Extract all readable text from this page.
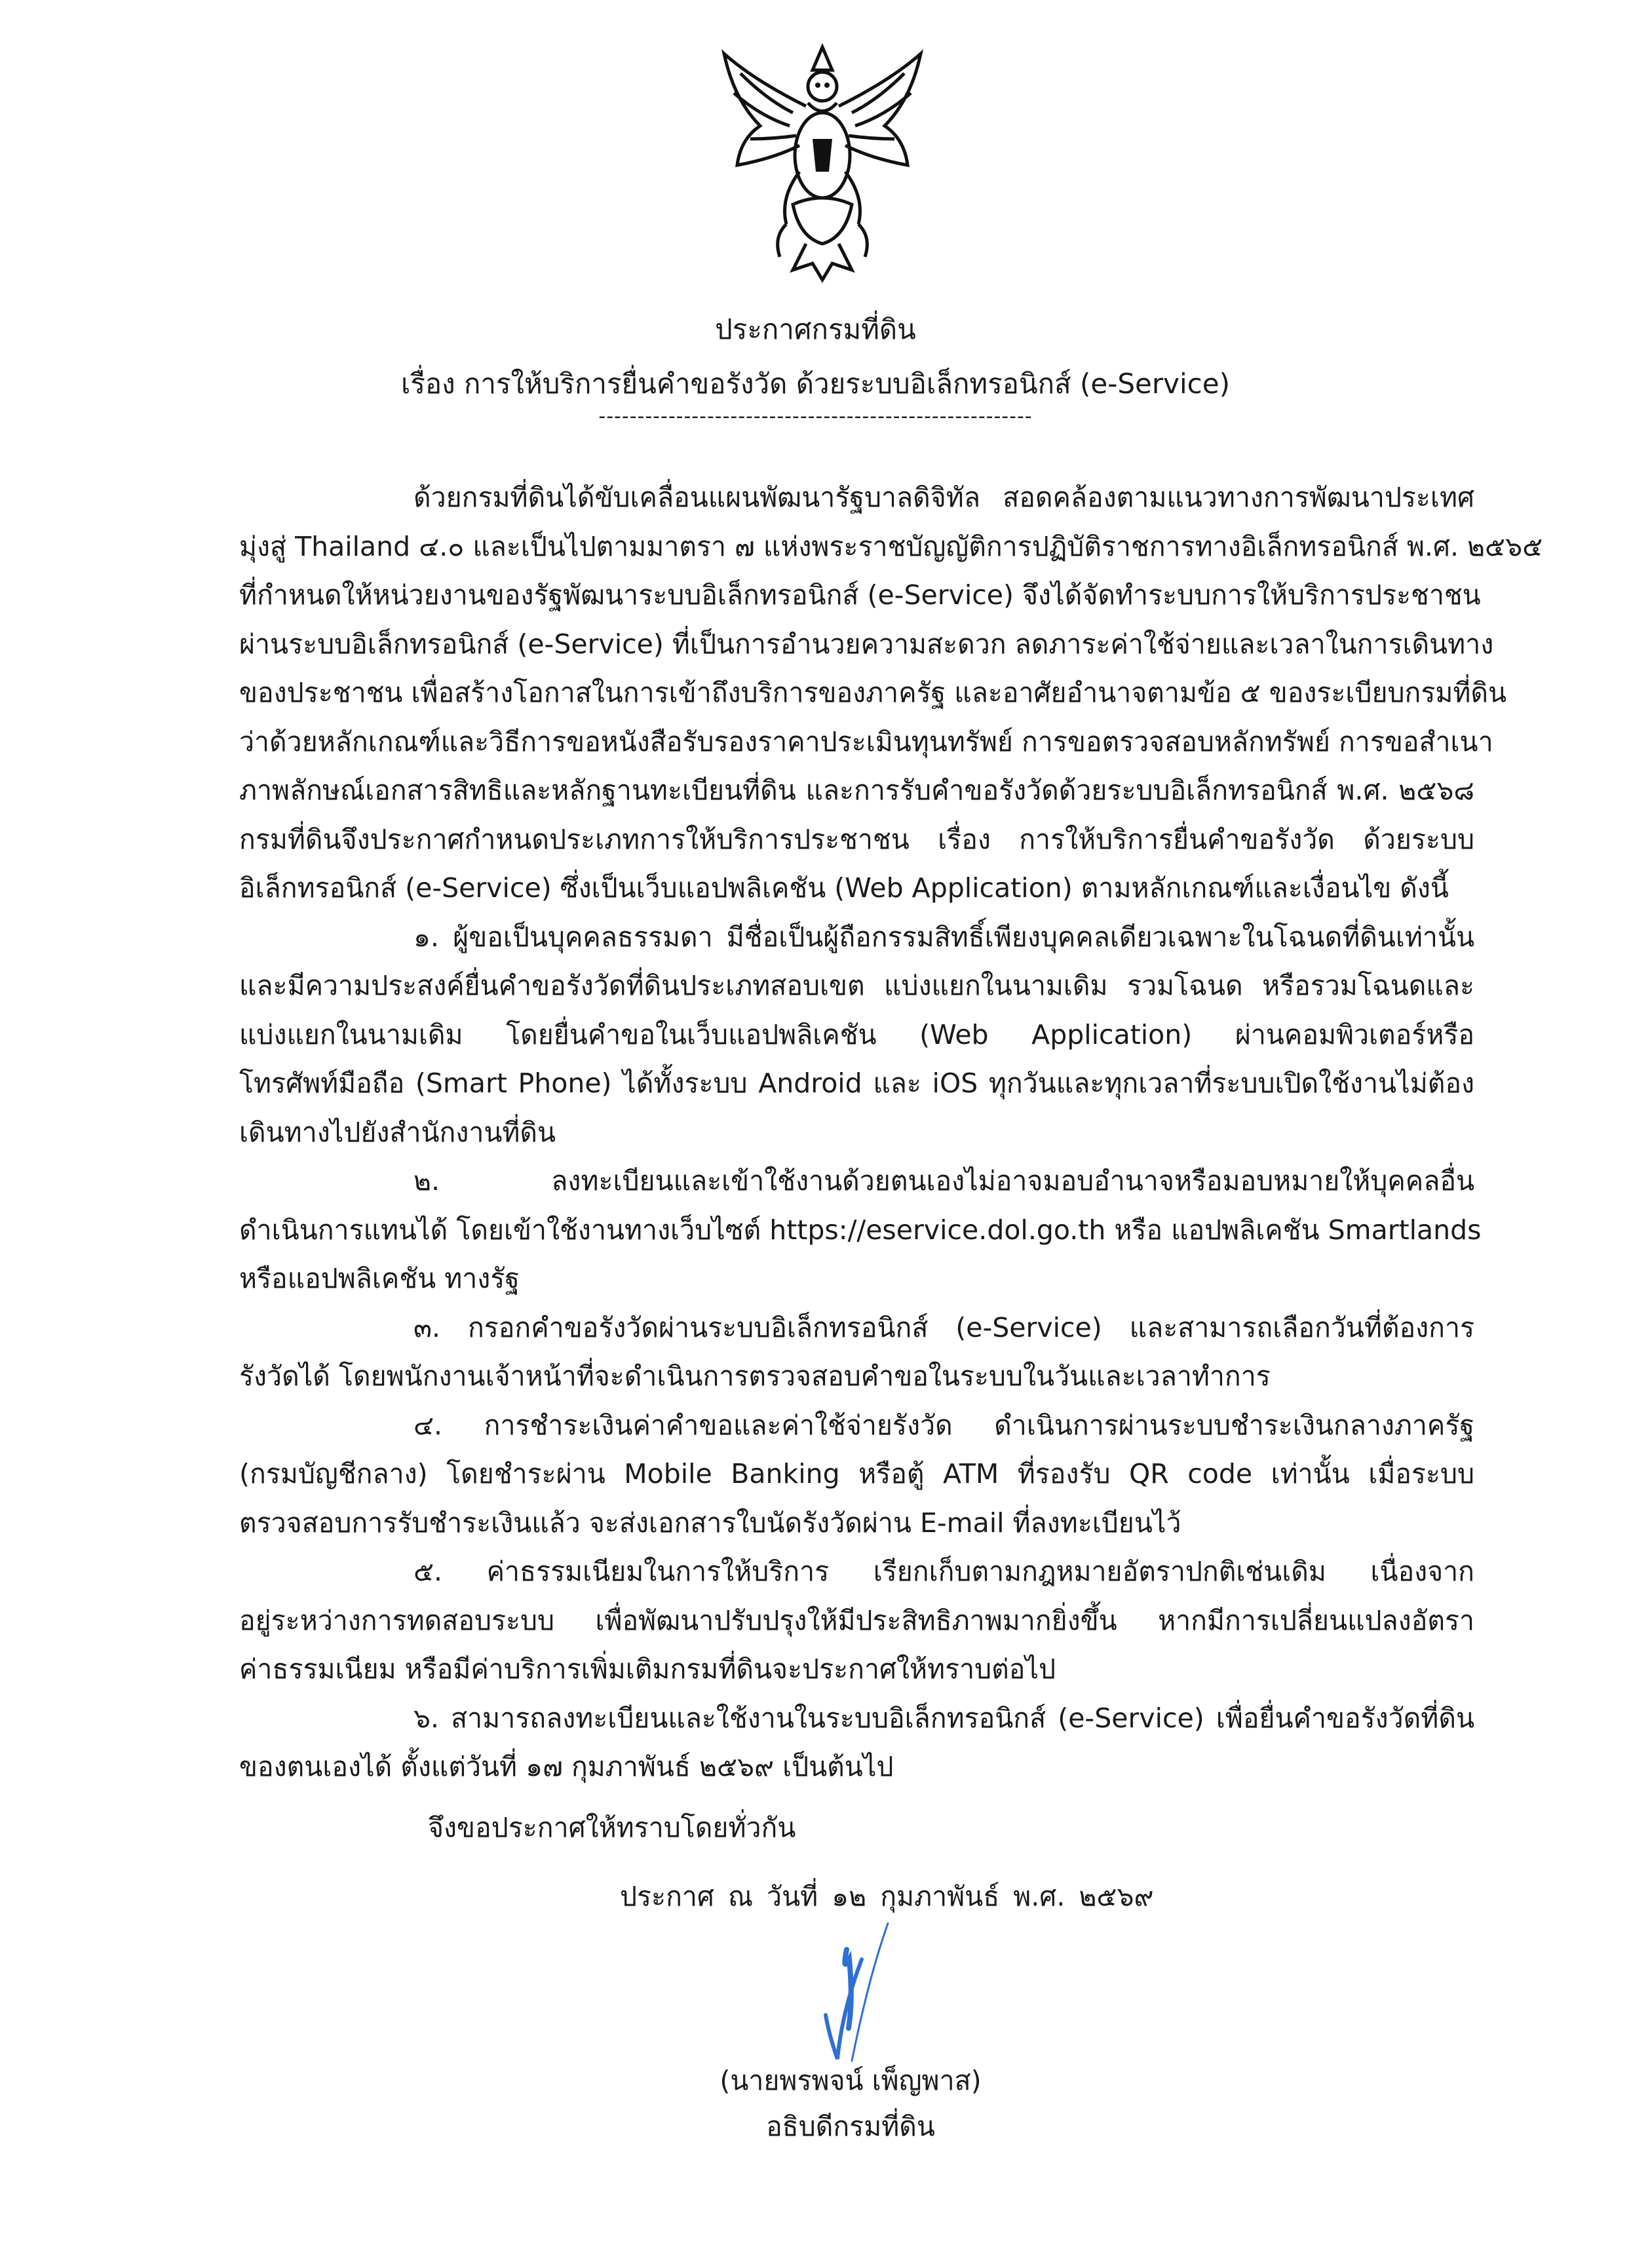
ประกาศกรมที่ดิน
เรื่อง การให้บริการยื่นคำขอรังวัด ด้วยระบบอิเล็กทรอนิกส์ (e-Service)
--------------------------------------------------------
ด้วยกรมที่ดินได้ขับเคลื่อนแผนพัฒนารัฐบาลดิจิทัล สอดคล้องตามแนวทางการพัฒนาประเทศ
มุ่งสู่ Thailand ๔.๐ และเป็นไปตามมาตรา ๗ แห่งพระราชบัญญัติการปฏิบัติราชการทางอิเล็กทรอนิกส์ พ.ศ. ๒๕๖๕
ที่กำหนดให้หน่วยงานของรัฐพัฒนาระบบอิเล็กทรอนิกส์ (e-Service) จึงได้จัดทำระบบการให้บริการประชาชน
ผ่านระบบอิเล็กทรอนิกส์ (e-Service) ที่เป็นการอำนวยความสะดวก ลดภาระค่าใช้จ่ายและเวลาในการเดินทาง
ของประชาชน เพื่อสร้างโอกาสในการเข้าถึงบริการของภาครัฐ และอาศัยอำนาจตามข้อ ๕ ของระเบียบกรมที่ดิน
ว่าด้วยหลักเกณฑ์และวิธีการขอหนังสือรับรองราคาประเมินทุนทรัพย์ การขอตรวจสอบหลักทรัพย์ การขอสำเนา
ภาพลักษณ์เอกสารสิทธิและหลักฐานทะเบียนที่ดิน และการรับคำขอรังวัดด้วยระบบอิเล็กทรอนิกส์ พ.ศ. ๒๕๖๘
กรมที่ดินจึงประกาศกำหนดประเภทการให้บริการประชาชน เรื่อง การให้บริการยื่นคำขอรังวัด ด้วยระบบ
อิเล็กทรอนิกส์ (e-Service) ซึ่งเป็นเว็บแอปพลิเคชัน (Web Application) ตามหลักเกณฑ์และเงื่อนไข ดังนี้
๑. ผู้ขอเป็นบุคคลธรรมดา มีชื่อเป็นผู้ถือกรรมสิทธิ์เพียงบุคคลเดียวเฉพาะในโฉนดที่ดินเท่านั้น
และมีความประสงค์ยื่นคำขอรังวัดที่ดินประเภทสอบเขต แบ่งแยกในนามเดิม รวมโฉนด หรือรวมโฉนดและ
แบ่งแยกในนามเดิม โดยยื่นคำขอในเว็บแอปพลิเคชัน (Web Application) ผ่านคอมพิวเตอร์หรือ
โทรศัพท์มือถือ (Smart Phone) ได้ทั้งระบบ Android และ iOS ทุกวันและทุกเวลาที่ระบบเปิดใช้งานไม่ต้อง
เดินทางไปยังสำนักงานที่ดิน
๒. ลงทะเบียนและเข้าใช้งานด้วยตนเองไม่อาจมอบอำนาจหรือมอบหมายให้บุคคลอื่น
ดำเนินการแทนได้ โดยเข้าใช้งานทางเว็บไซต์ https://eservice.dol.go.th หรือ แอปพลิเคชัน Smartlands
หรือแอปพลิเคชัน ทางรัฐ
๓. กรอกคำขอรังวัดผ่านระบบอิเล็กทรอนิกส์ (e-Service) และสามารถเลือกวันที่ต้องการ
รังวัดได้ โดยพนักงานเจ้าหน้าที่จะดำเนินการตรวจสอบคำขอในระบบในวันและเวลาทำการ
๔. การชำระเงินค่าคำขอและค่าใช้จ่ายรังวัด ดำเนินการผ่านระบบชำระเงินกลางภาครัฐ
(กรมบัญชีกลาง) โดยชำระผ่าน Mobile Banking หรือตู้ ATM ที่รองรับ QR code เท่านั้น เมื่อระบบ
ตรวจสอบการรับชำระเงินแล้ว จะส่งเอกสารใบนัดรังวัดผ่าน E-mail ที่ลงทะเบียนไว้
๕. ค่าธรรมเนียมในการให้บริการ เรียกเก็บตามกฎหมายอัตราปกติเช่นเดิม เนื่องจาก
อยู่ระหว่างการทดสอบระบบ เพื่อพัฒนาปรับปรุงให้มีประสิทธิภาพมากยิ่งขึ้น หากมีการเปลี่ยนแปลงอัตรา
ค่าธรรมเนียม หรือมีค่าบริการเพิ่มเติมกรมที่ดินจะประกาศให้ทราบต่อไป
๖. สามารถลงทะเบียนและใช้งานในระบบอิเล็กทรอนิกส์ (e-Service) เพื่อยื่นคำขอรังวัดที่ดิน
ของตนเองได้ ตั้งแต่วันที่ ๑๗ กุมภาพันธ์ ๒๕๖๙ เป็นต้นไป
จึงขอประกาศให้ทราบโดยทั่วกัน
ประกาศ ณ วันที่ ๑๒ กุมภาพันธ์ พ.ศ. ๒๕๖๙
(นายพรพจน์ เพ็ญพาส)
อธิบดีกรมที่ดิน
